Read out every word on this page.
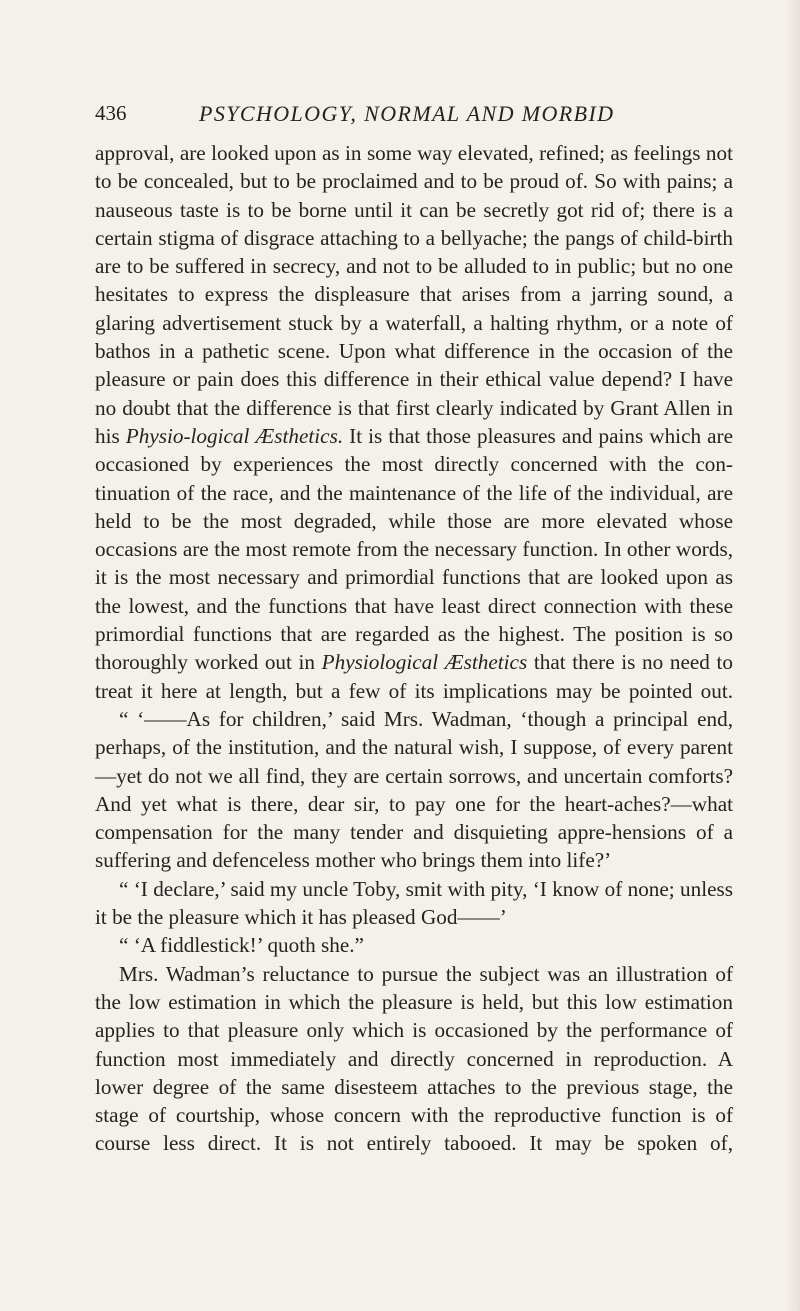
436	PSYCHOLOGY, NORMAL AND MORBID

approval, are looked upon as in some way elevated, refined; as feelings not to be concealed, but to be proclaimed and to be proud of. So with pains; a nauseous taste is to be borne until it can be secretly got rid of; there is a certain stigma of disgrace attaching to a bellyache; the pangs of child-birth are to be suffered in secrecy, and not to be alluded to in public; but no one hesitates to express the displeasure that arises from a jarring sound, a glaring advertisement stuck by a waterfall, a halting rhythm, or a note of bathos in a pathetic scene. Upon what difference in the occasion of the pleasure or pain does this difference in their ethical value depend? I have no doubt that the difference is that first clearly indicated by Grant Allen in his Physio-logical Æsthetics. It is that those pleasures and pains which are occasioned by experiences the most directly concerned with the con-tinuation of the race, and the maintenance of the life of the individual, are held to be the most degraded, while those are more elevated whose occasions are the most remote from the necessary function. In other words, it is the most necessary and primordial functions that are looked upon as the lowest, and the functions that have least direct connection with these primordial functions that are regarded as the highest. The position is so thoroughly worked out in Physiological Æsthetics that there is no need to treat it here at length, but a few of its implications may be pointed out.

“ ‘——As for children,’ said Mrs. Wadman, ‘though a principal end, perhaps, of the institution, and the natural wish, I suppose, of every parent—yet do not we all find, they are certain sorrows, and uncertain comforts? And yet what is there, dear sir, to pay one for the heart-aches?—what compensation for the many tender and disquieting appre-hensions of a suffering and defenceless mother who brings them into life?’

“ ‘I declare,’ said my uncle Toby, smit with pity, ‘I know of none; unless it be the pleasure which it has pleased God——’

“ ‘A fiddlestick!’ quoth she.”

Mrs. Wadman’s reluctance to pursue the subject was an illustration of the low estimation in which the pleasure is held, but this low estimation applies to that pleasure only which is occasioned by the performance of function most immediately and directly concerned in reproduction. A lower degree of the same disesteem attaches to the previous stage, the stage of courtship, whose concern with the reproductive function is of course less direct. It is not entirely tabooed. It may be spoken of,
